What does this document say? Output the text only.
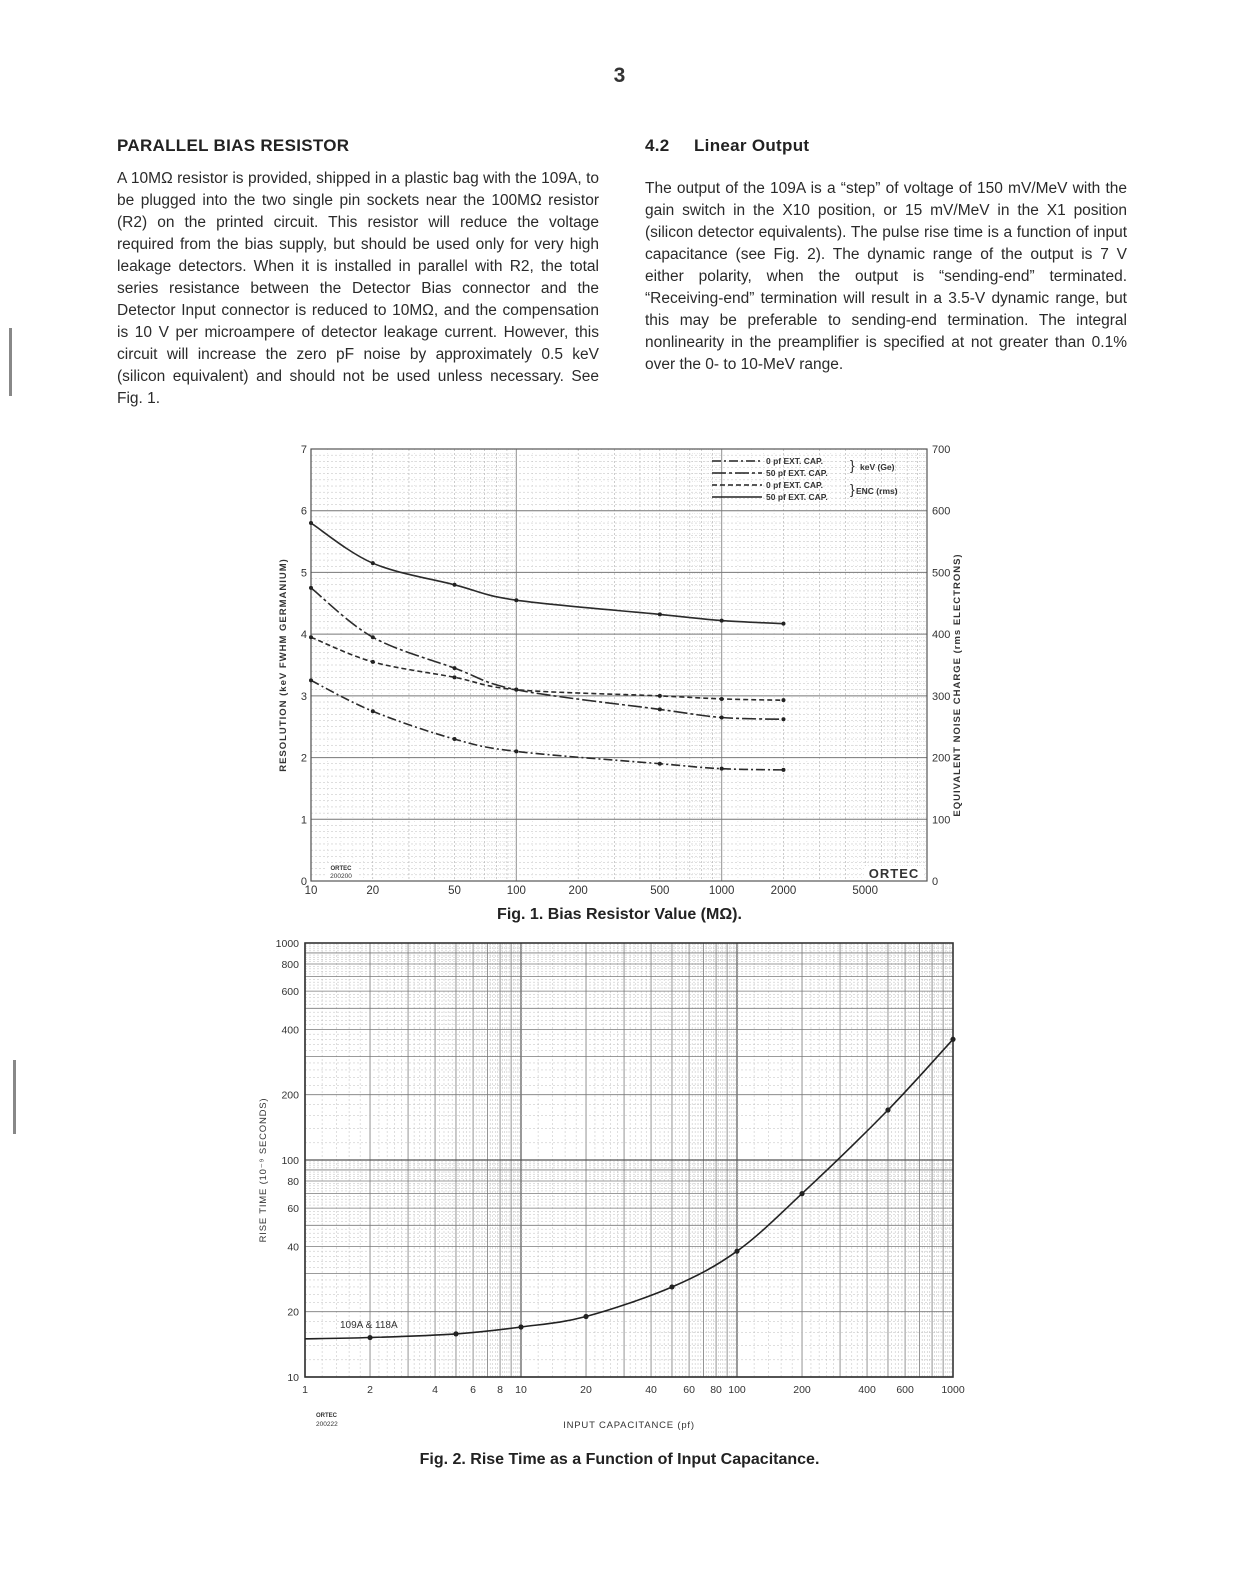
3
PARALLEL BIAS RESISTOR

A 10MΩ resistor is provided, shipped in a plastic bag with the 109A, to be plugged into the two single pin sockets near the 100MΩ resistor (R2) on the printed circuit. This resistor will reduce the voltage required from the bias supply, but should be used only for very high leakage detectors. When it is installed in parallel with R2, the total series resistance between the Detector Bias connector and the Detector Input connector is reduced to 10MΩ, and the compensation is 10 V per microampere of detector leakage current. However, this circuit will increase the zero pF noise by approximately 0.5 keV (silicon equivalent) and should not be used unless necessary. See Fig. 1.

4.2 Linear Output

The output of the 109A is a “step” of voltage of 150 mV/MeV with the gain switch in the X10 position, or 15 mV/MeV in the X1 position (silicon detector equivalents). The pulse rise time is a function of input capacitance (see Fig. 2). The dynamic range of the output is 7 V either polarity, when the output is “sending-end” terminated. “Receiving-end” termination will result in a 3.5-V dynamic range, but this may be preferable to sending-end termination. The integral nonlinearity in the preamplifier is specified at not greater than 0.1% over the 0- to 10-MeV range.

0
1
2
3
4
5
6
7
0
100
200
300
400
500
600
700
10	20	50	100	200	500	1000	2000	5000
RESOLUTION (keV FWHM GERMANIUM)	EQUIVALENT NOISE CHARGE (rms ELECTRONS)
0 pf EXT. CAP.
50 pf EXT. CAP.
0 pf EXT. CAP.
50 pf EXT. CAP.
keV (Ge)
ENC (rms)
}
}
ORTEC
200200	ORTEC
Fig. 1. Bias Resistor Value (MΩ).
10
20
40
60
80
100
200
400
600
800
1000
1	2	4	6 8 10	20	40	60 80 100	200	400 600	1000
RISE TIME (10⁻⁹ SECONDS)
INPUT CAPACITANCE (pf)
109A & 118A
ORTEC
200222
Fig. 2. Rise Time as a Function of Input Capacitance.
